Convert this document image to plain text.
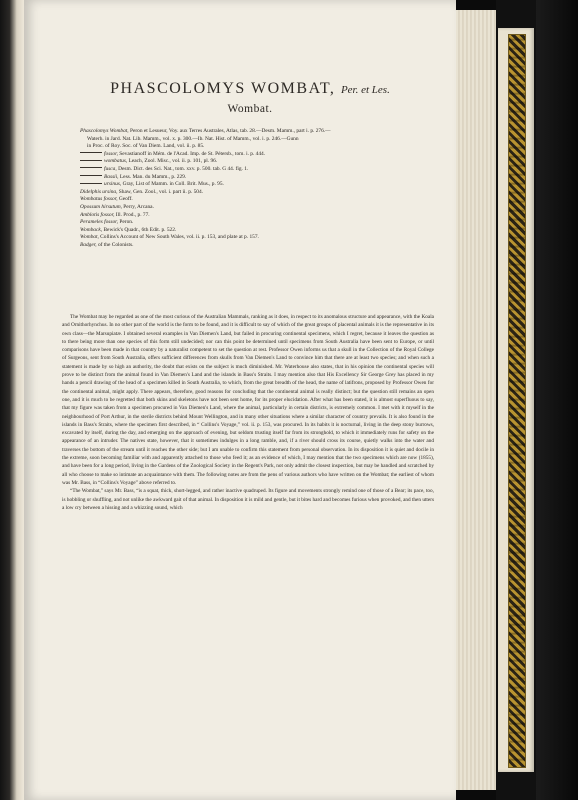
PHASCOLOMYS WOMBAT, Per. et Les.
Wombat.
Phascolomys Wombat, Peron et Lesueur, Voy. aux Terres Australes, Atlas, tab. 28.—Desm. Mamm., part i. p. 276.—
Waterh. in Jard. Nat. Lib. Mamm., vol. x. p. 300.—Ib. Nat. Hist. of Mamm., vol. i. p. 246.—Gunn
in Proc. of Roy. Soc. of Van Diem. Land, vol. ii. p. 85.
fossor, Sevastianoff in Mém. de l'Acad. Imp. de St. Pétersb., tom. i. p. 444.
wombatus, Leach, Zool. Misc., vol. ii. p. 101, pl. 96.
fusca, Desm. Dict. des Sci. Nat., tom. xxv. p. 500. tab. G 44. fig. 1.
Bassii, Less. Man. du Mamm., p. 229.
ursinus, Gray, List of Mamm. in Coll. Brit. Mus., p. 95.
Didelphis ursina, Shaw, Gen. Zool., vol. i. part ii. p. 504.
Wombatus fossor, Geoff.
Opossum hirsutum, Perry, Arcana.
Amblotis fossor, Ill. Prod., p. 77.
Perameles fossor, Peron.
Womback, Bewick's Quadr., 6th Edit. p. 522.
Wombat, Collins's Account of New South Wales, vol. ii. p. 153, and plate at p. 157.
Badger, of the Colonists.

The Wombat may be regarded as one of the most curious of the Australian Mammals, ranking as it does, in respect to its anomalous structure and appearance, with the Koala and Ornithorhynchus. In no other part of the world is the form to be found, and it is difficult to say of which of the great groups of placental animals it is the representative in its own class—the Marsupiatæ. I obtained several examples in Van Diemen's Land, but failed in procuring continental specimens, which I regret, because it leaves the question as to there being more than one species of this form still undecided; nor can this point be determined until specimens from South Australia have been sent to Europe, or until comparisons have been made in that country by a naturalist competent to set the question at rest. Professor Owen informs us that a skull in the Collection of the Royal College of Surgeons, sent from South Australia, offers sufficient differences from skulls from Van Diemen's Land to convince him that there are at least two species; and when such a statement is made by so high an authority, the doubt that exists on the subject is much diminished. Mr. Waterhouse also states, that in his opinion the continental species will prove to be distinct from the animal found in Van Diemen's Land and the islands in Bass's Straits. I may mention also that His Excellency Sir George Grey has placed in my hands a pencil drawing of the head of a specimen killed in South Australia, to which, from the great breadth of the head, the name of latifrons, proposed by Professor Owen for the continental animal, might apply. There appears, therefore, good reasons for concluding that the continental animal is really distinct; but the question still remains an open one, and it is much to be regretted that both skins and skeletons have not been sent home, for its proper elucidation. After what has been stated, it is almost superfluous to say, that my figure was taken from a specimen procured in Van Diemen's Land, where the animal, particularly in certain districts, is extremely common. I met with it myself in the neighbourhood of Port Arthur, in the sterile districts behind Mount Wellington, and in many other situations where a similar character of country prevails. It is also found in the islands in Bass's Straits, where the specimen first described, in “ Collins's Voyage,” vol. ii. p. 153, was procured. In its habits it is nocturnal, living in the deep stony burrows, excavated by itself, during the day, and emerging on the approach of evening, but seldom trusting itself far from its stronghold, to which it immediately runs for safety on the appearance of an intruder. The natives state, however, that it sometimes indulges in a long ramble, and, if a river should cross its course, quietly walks into the water and traverses the bottom of the stream until it reaches the other side; but I am unable to confirm this statement from personal observation. In its disposition it is quiet and docile in the extreme, soon becoming familiar with and apparently attached to those who feed it; as an evidence of which, I may mention that the two specimens which are now (1855), and have been for a long period, living in the Gardens of the Zoological Society in the Regent's Park, not only admit the closest inspection, but may be handled and scratched by all who choose to make so intimate an acquaintance with them. The following notes are from the pens of various authors who have written on the Wombat; the earliest of whom was Mr. Bass, in “Collins's Voyage” above referred to.

“The Wombat,” says Mr. Bass, “is a squat, thick, short-legged, and rather inactive quadruped. Its figure and movements strongly remind one of those of a Bear; its pace, too, is hobbling or shuffling, and not unlike the awkward gait of that animal. In disposition it is mild and gentle, but it bites hard and becomes furious when provoked, and then utters a low cry between a hissing and a whizzing sound, which
